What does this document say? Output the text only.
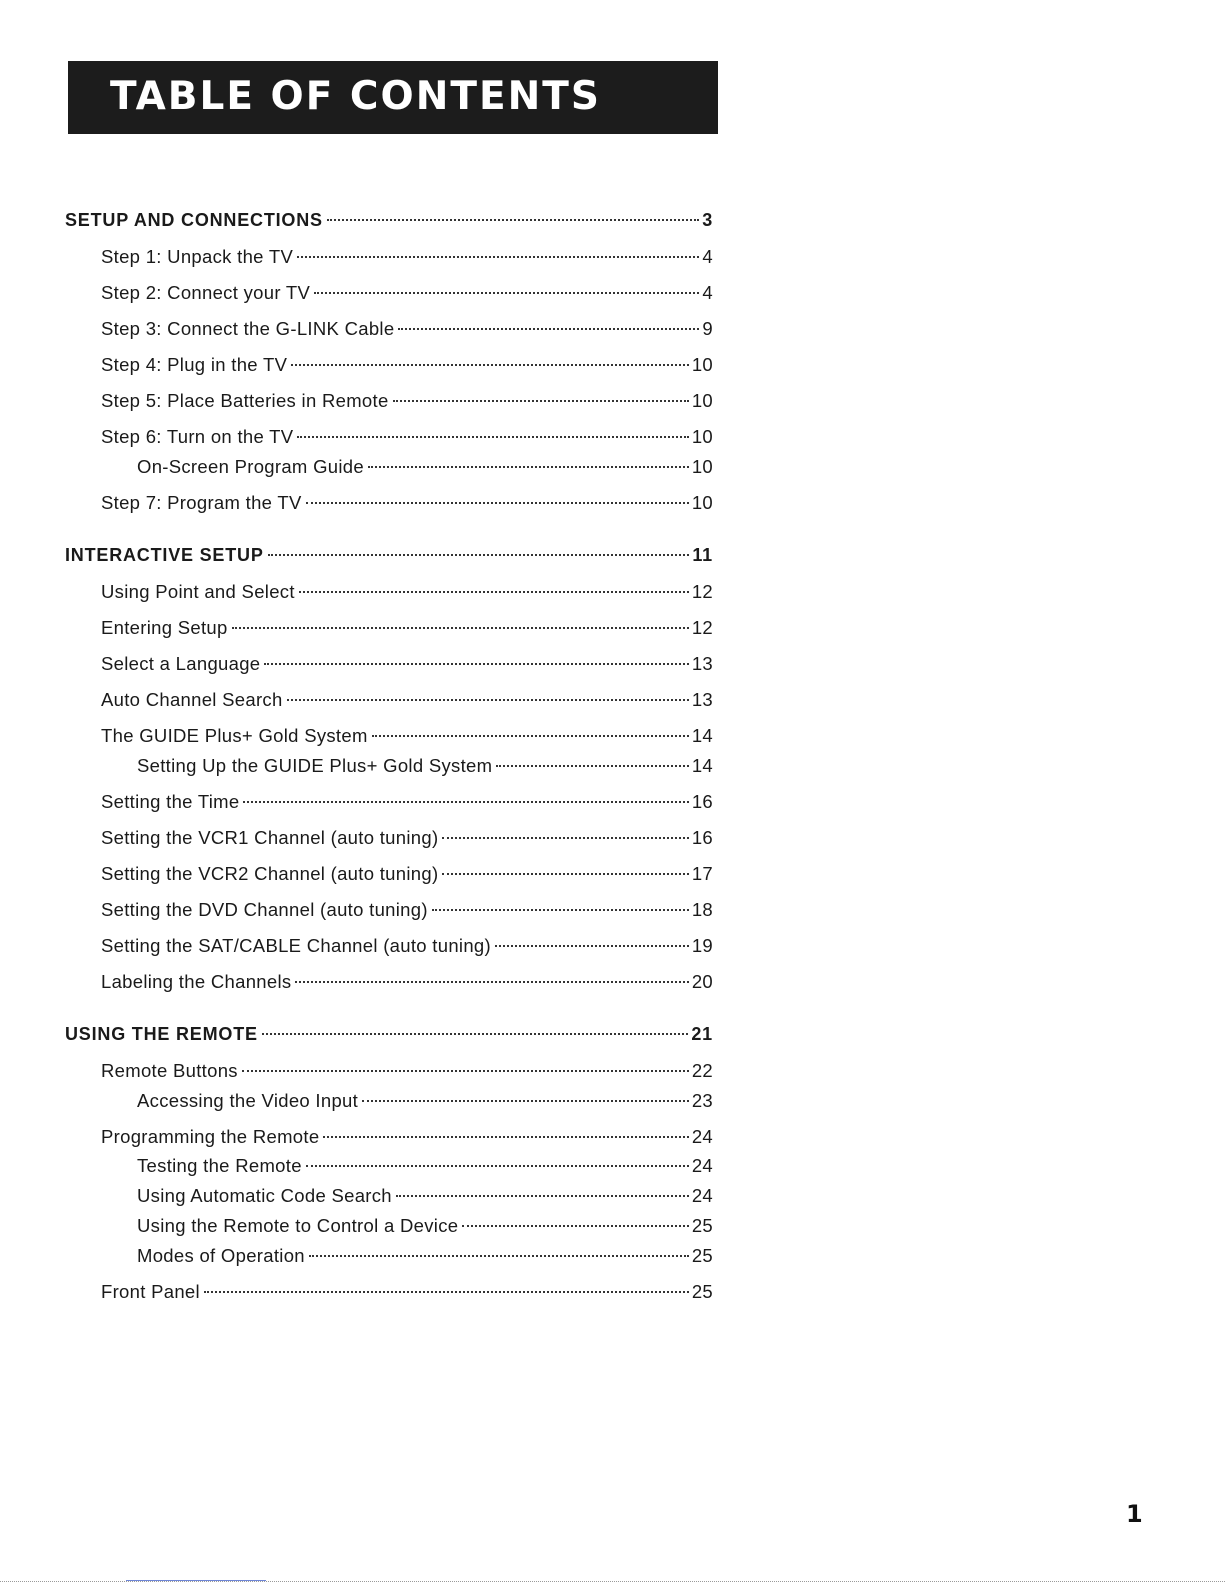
TABLE OF CONTENTS
SETUP AND CONNECTIONS	3
Step 1: Unpack the TV	4
Step 2: Connect your TV	4
Step 3: Connect the G-LINK Cable	9
Step 4: Plug in the TV	10
Step 5: Place Batteries in Remote	10
Step 6: Turn on the TV	10
On-Screen Program Guide	10
Step 7: Program the TV	10
INTERACTIVE SETUP	11
Using Point and Select	12
Entering Setup	12
Select a Language	13
Auto Channel Search	13
The GUIDE Plus+ Gold System	14
Setting Up the GUIDE Plus+ Gold System	14
Setting the Time	16
Setting the VCR1 Channel (auto tuning)	16
Setting the VCR2 Channel (auto tuning)	17
Setting the DVD Channel (auto tuning)	18
Setting the SAT/CABLE Channel (auto tuning)	19
Labeling the Channels	20
USING THE REMOTE	21
Remote Buttons	22
Accessing the Video Input	23
Programming the Remote	24
Testing the Remote	24
Using Automatic Code Search	24
Using the Remote to Control a Device	25
Modes of Operation	25
Front Panel	25
1
